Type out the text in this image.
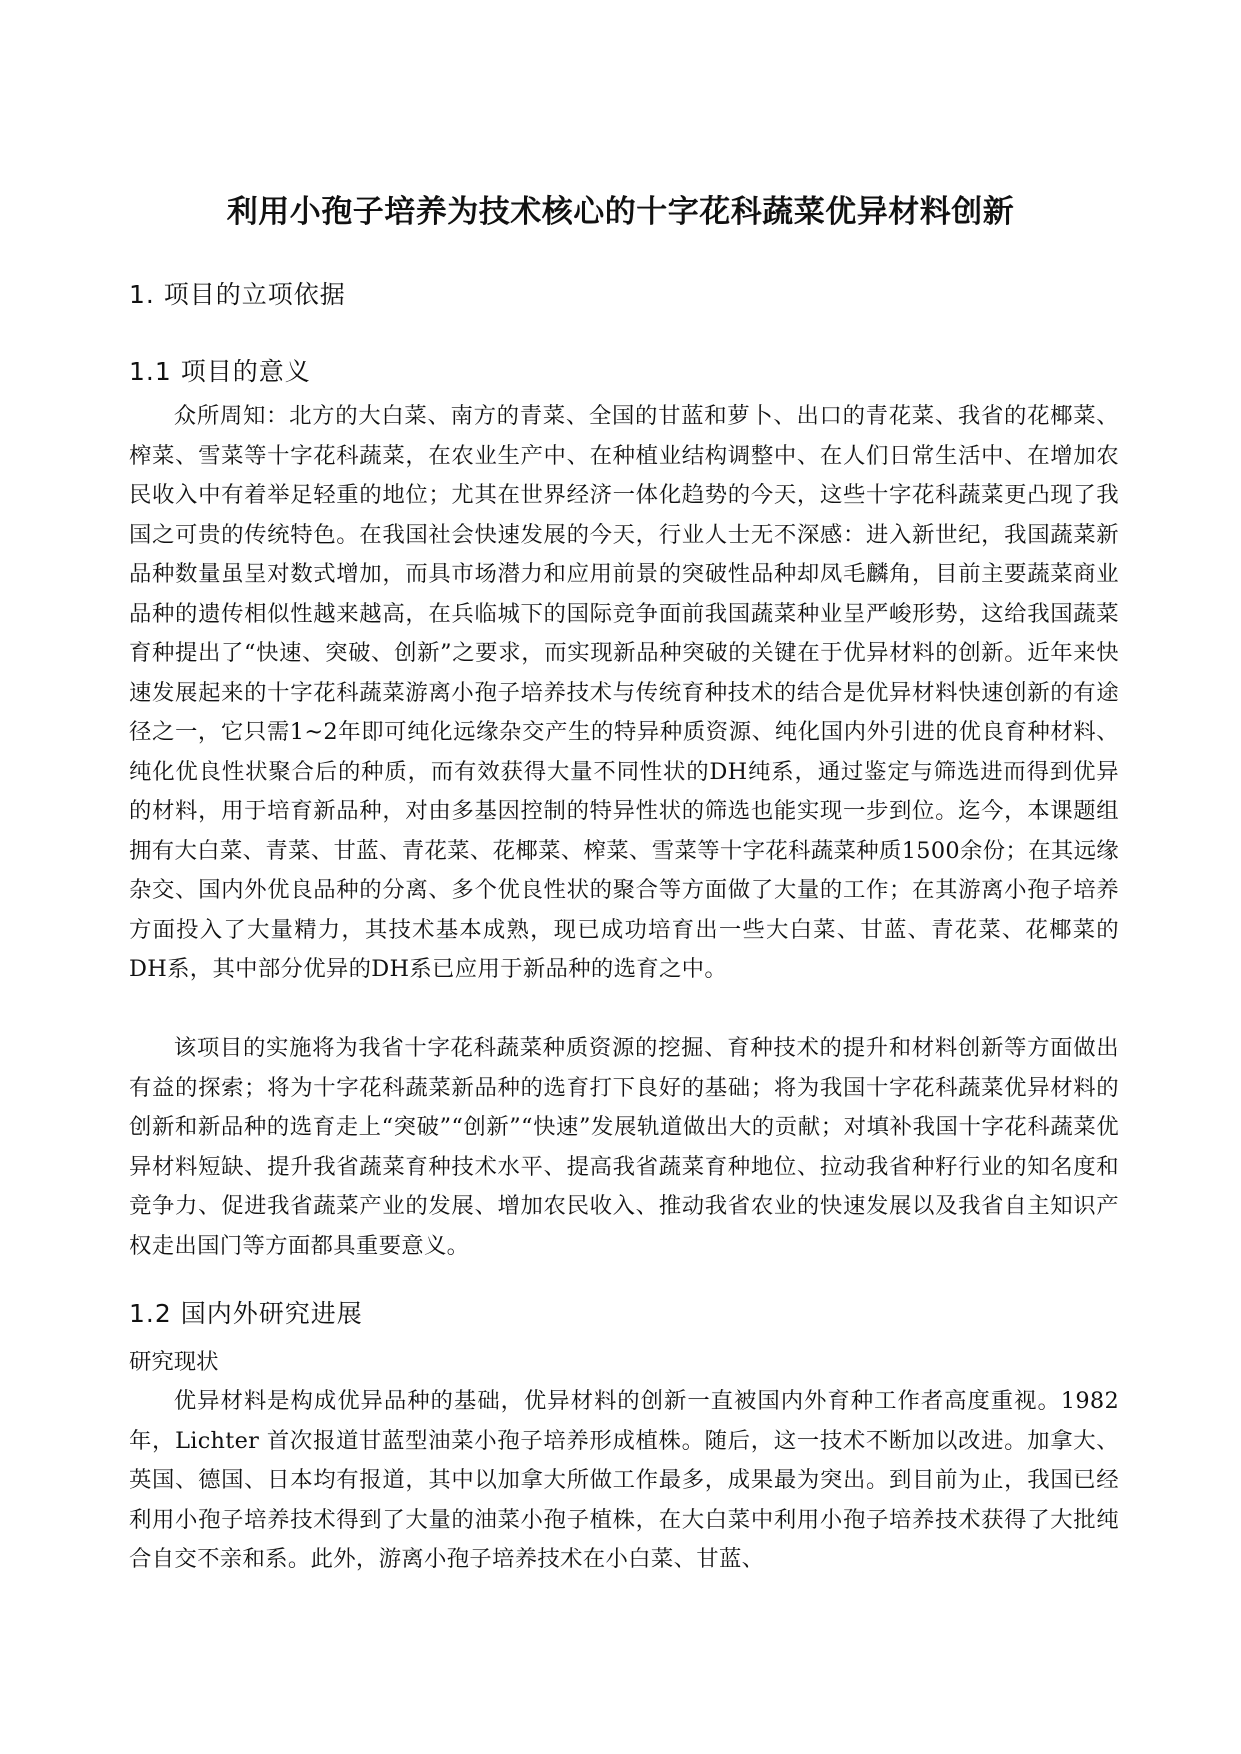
利用小孢子培养为技术核心的十字花科蔬菜优异材料创新
1. 项目的立项依据
1.1 项目的意义

众所周知：北方的大白菜、南方的青菜、全国的甘蓝和萝卜、出口的青花菜、我省的花椰菜、榨菜、雪菜等十字花科蔬菜，在农业生产中、在种植业结构调整中、在人们日常生活中、在增加农民收入中有着举足轻重的地位；尤其在世界经济一体化趋势的今天，这些十字花科蔬菜更凸现了我国之可贵的传统特色。在我国社会快速发展的今天，行业人士无不深感：进入新世纪，我国蔬菜新品种数量虽呈对数式增加，而具市场潜力和应用前景的突破性品种却凤毛麟角，目前主要蔬菜商业品种的遗传相似性越来越高，在兵临城下的国际竞争面前我国蔬菜种业呈严峻形势，这给我国蔬菜育种提出了“快速、突破、创新”之要求，而实现新品种突破的关键在于优异材料的创新。近年来快速发展起来的十字花科蔬菜游离小孢子培养技术与传统育种技术的结合是优异材料快速创新的有途径之一，它只需1~2年即可纯化远缘杂交产生的特异种质资源、纯化国内外引进的优良育种材料、纯化优良性状聚合后的种质，而有效获得大量不同性状的DH纯系，通过鉴定与筛选进而得到优异的材料，用于培育新品种，对由多基因控制的特异性状的筛选也能实现一步到位。迄今，本课题组拥有大白菜、青菜、甘蓝、青花菜、花椰菜、榨菜、雪菜等十字花科蔬菜种质1500余份；在其远缘杂交、国内外优良品种的分离、多个优良性状的聚合等方面做了大量的工作；在其游离小孢子培养方面投入了大量精力，其技术基本成熟，现已成功培育出一些大白菜、甘蓝、青花菜、花椰菜的DH系，其中部分优异的DH系已应用于新品种的选育之中。

该项目的实施将为我省十字花科蔬菜种质资源的挖掘、育种技术的提升和材料创新等方面做出有益的探索；将为十字花科蔬菜新品种的选育打下良好的基础；将为我国十字花科蔬菜优异材料的创新和新品种的选育走上“突破”“创新”“快速”发展轨道做出大的贡献；对填补我国十字花科蔬菜优异材料短缺、提升我省蔬菜育种技术水平、提高我省蔬菜育种地位、拉动我省种籽行业的知名度和竞争力、促进我省蔬菜产业的发展、增加农民收入、推动我省农业的快速发展以及我省自主知识产权走出国门等方面都具重要意义。

1.2 国内外研究进展
研究现状

优异材料是构成优异品种的基础，优异材料的创新一直被国内外育种工作者高度重视。1982 年，Lichter 首次报道甘蓝型油菜小孢子培养形成植株。随后，这一技术不断加以改进。加拿大、英国、德国、日本均有报道，其中以加拿大所做工作最多，成果最为突出。到目前为止，我国已经利用小孢子培养技术得到了大量的油菜小孢子植株，在大白菜中利用小孢子培养技术获得了大批纯合自交不亲和系。此外，游离小孢子培养技术在小白菜、甘蓝、
